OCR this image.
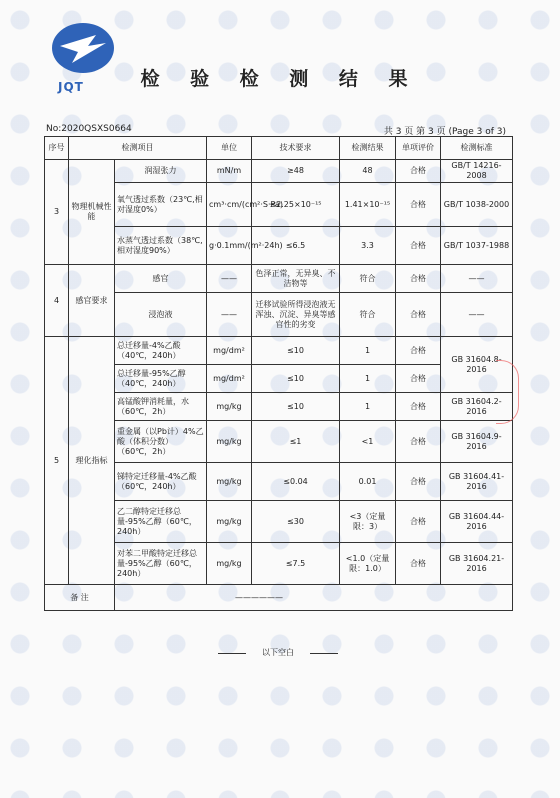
JQT	检 验 检 测 结 果
No:2020QSXS0664	共 3 页 第 3 页 (Page 3 of 3)
序号	检测项目		单位	技术要求	检测结果	单项评价	检测标准
3	物理机械性能	润湿张力	mN/m	≥48	48	合格	GB/T 14216-2008
		氧气透过系数（23℃,相对湿度0%）	cm³·cm/(cm²·S·Pa)	≤2.25×10⁻¹⁵	1.41×10⁻¹⁵	合格	GB/T 1038-2000
		水蒸气透过系数（38℃,相对湿度90%）	g·0.1mm/(m²·24h)	≤6.5	3.3	合格	GB/T 1037-1988
4	感官要求	感官	——	色泽正常，无异臭、不洁物等	符合	合格	——
		浸泡液	——	迁移试验所得浸泡液无浑浊、沉淀、异臭等感官性的劣变	符合	合格	——
5	理化指标	总迁移量-4%乙酸（40℃，240h）	mg/dm²	≤10	1	合格	GB 31604.8-2016
		总迁移量-95%乙醇（40℃，240h）	mg/dm²	≤10	1	合格	
		高锰酸钾消耗量，水（60℃，2h）	mg/kg	≤10	1	合格	GB 31604.2-2016
		重金属（以Pb计）4%乙酸（体积分数）（60℃，2h）	mg/kg	≤1	<1	合格	GB 31604.9-2016
		锑特定迁移量-4%乙酸（60℃，240h）	mg/kg	≤0.04	0.01	合格	GB 31604.41-2016
		乙二醇特定迁移总量-95%乙醇（60℃，240h）	mg/kg	≤30	<3（定量限：3）	合格	GB 31604.44-2016
		对苯二甲酸特定迁移总量-95%乙醇（60℃，240h）	mg/kg	≤7.5	<1.0（定量限：1.0）	合格	GB 31604.21-2016
备 注		——————					
以下空白
